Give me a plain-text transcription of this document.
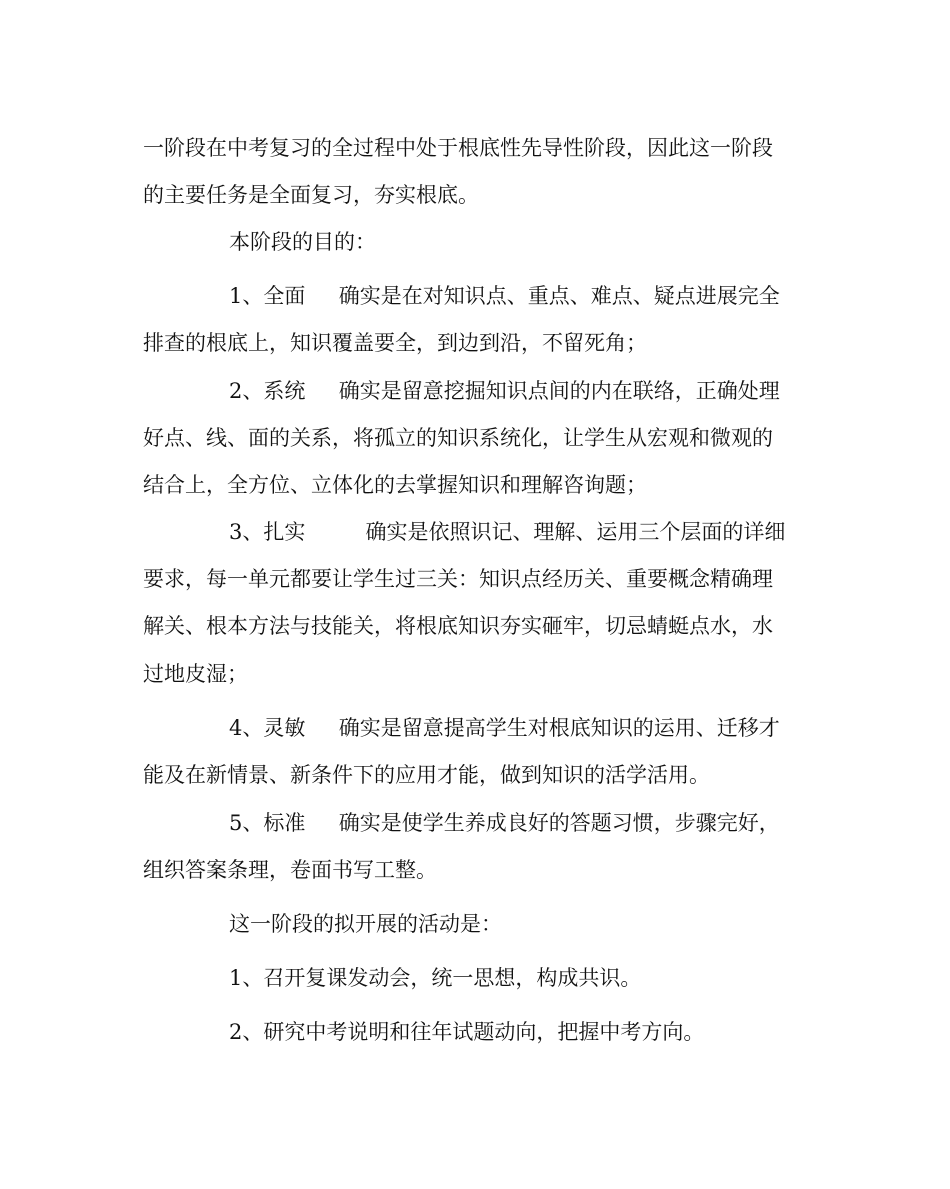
一阶段在中考复习的全过程中处于根底性先导性阶段，因此这一阶段
的主要任务是全面复习，夯实根底。
本阶段的目的：
1、全面     确实是在对知识点、重点、难点、疑点进展完全
排查的根底上，知识覆盖要全，到边到沿，不留死角；
2、系统     确实是留意挖掘知识点间的内在联络，正确处理
好点、线、面的关系，将孤立的知识系统化，让学生从宏观和微观的
结合上，全方位、立体化的去掌握知识和理解咨询题；
3、扎实         确实是依照识记、理解、运用三个层面的详细
要求，每一单元都要让学生过三关：知识点经历关、重要概念精确理
解关、根本方法与技能关，将根底知识夯实砸牢，切忌蜻蜓点水，水
过地皮湿；
4、灵敏     确实是留意提高学生对根底知识的运用、迁移才
能及在新情景、新条件下的应用才能，做到知识的活学活用。
5、标准     确实是使学生养成良好的答题习惯，步骤完好，
组织答案条理，卷面书写工整。
这一阶段的拟开展的活动是：
1、召开复课发动会，统一思想，构成共识。
2、研究中考说明和往年试题动向，把握中考方向。
